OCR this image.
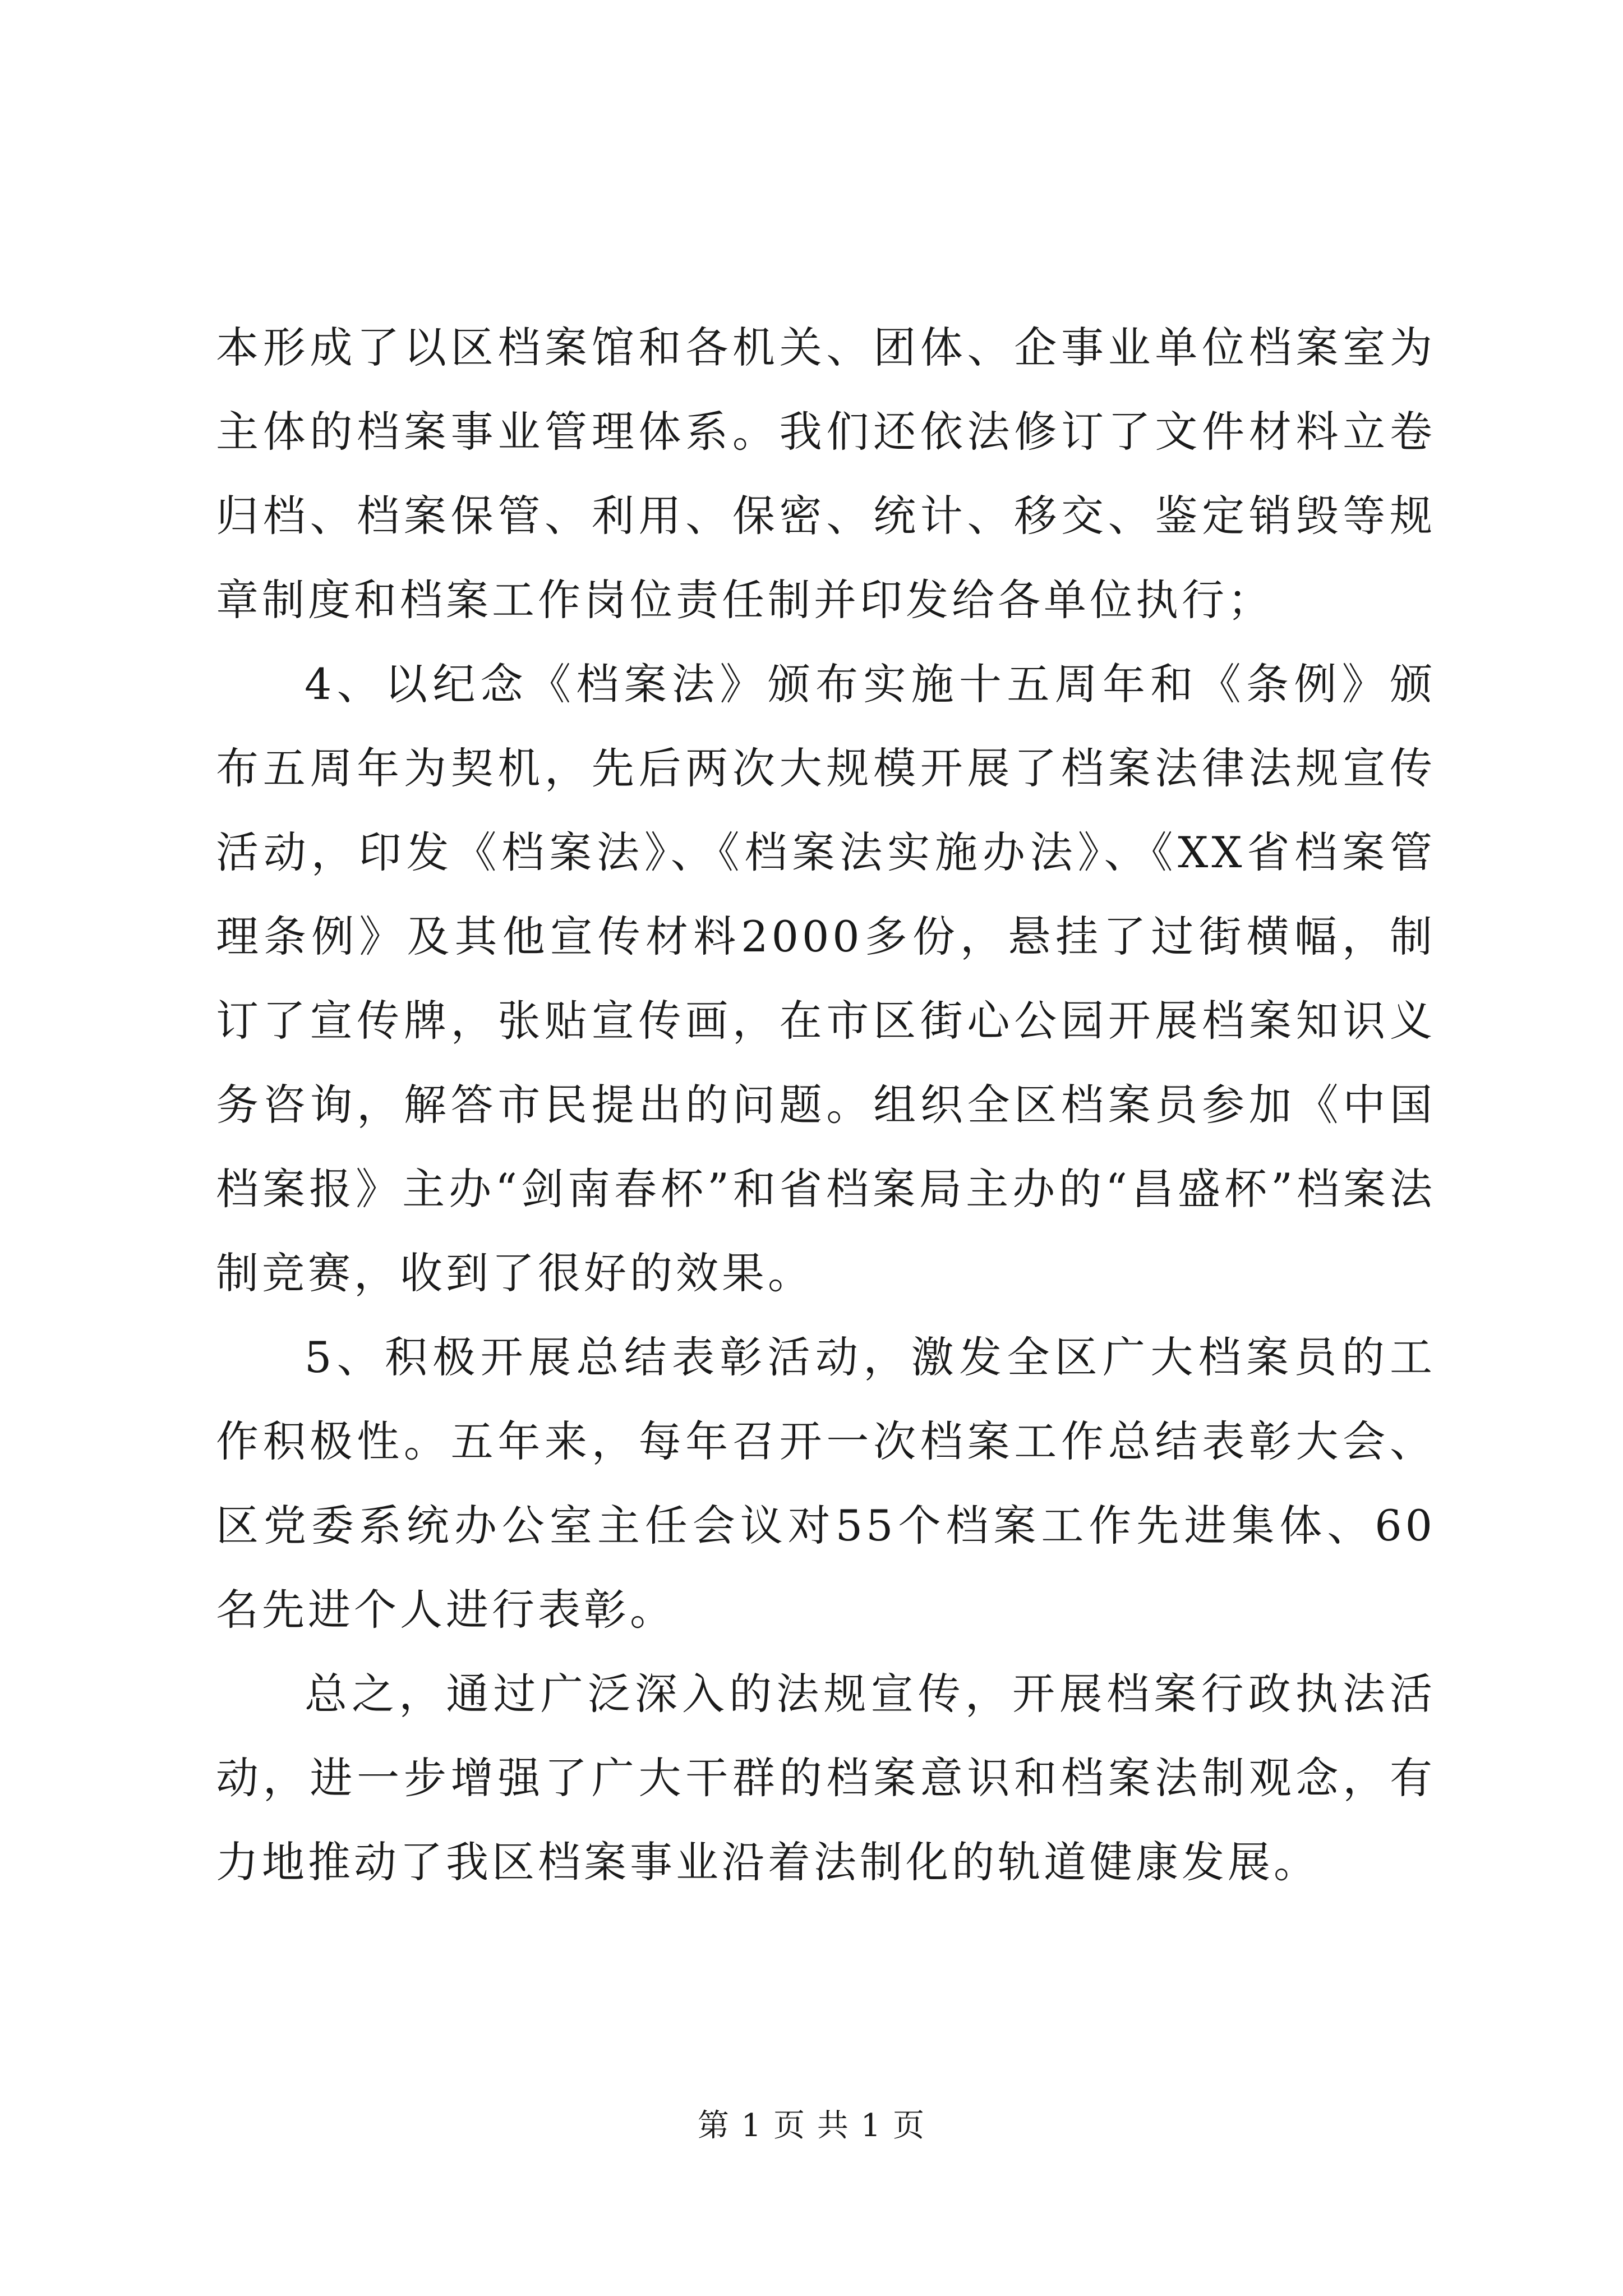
本形成了以区档案馆和各机关、团体、企事业单位档案室为主体的档案事业管理体系。我们还依法修订了文件材料立卷归档、档案保管、利用、保密、统计、移交、鉴定销毁等规章制度和档案工作岗位责任制并印发给各单位执行；

4、以纪念《档案法》颁布实施十五周年和《条例》颁布五周年为契机，先后两次大规模开展了档案法律法规宣传活动，印发《档案法》、《档案法实施办法》、《XX省档案管理条例》及其他宣传材料2000多份，悬挂了过街横幅，制订了宣传牌，张贴宣传画，在市区街心公园开展档案知识义务咨询，解答市民提出的问题。组织全区档案员参加《中国档案报》主办“剑南春杯”和省档案局主办的“昌盛杯”档案法制竞赛，收到了很好的效果。

5、积极开展总结表彰活动，激发全区广大档案员的工作积极性。五年来，每年召开一次档案工作总结表彰大会、区党委系统办公室主任会议对55个档案工作先进集体、60名先进个人进行表彰。

总之，通过广泛深入的法规宣传，开展档案行政执法活动，进一步增强了广大干群的档案意识和档案法制观念，有力地推动了我区档案事业沿着法制化的轨道健康发展。

第 1 页 共 1 页
